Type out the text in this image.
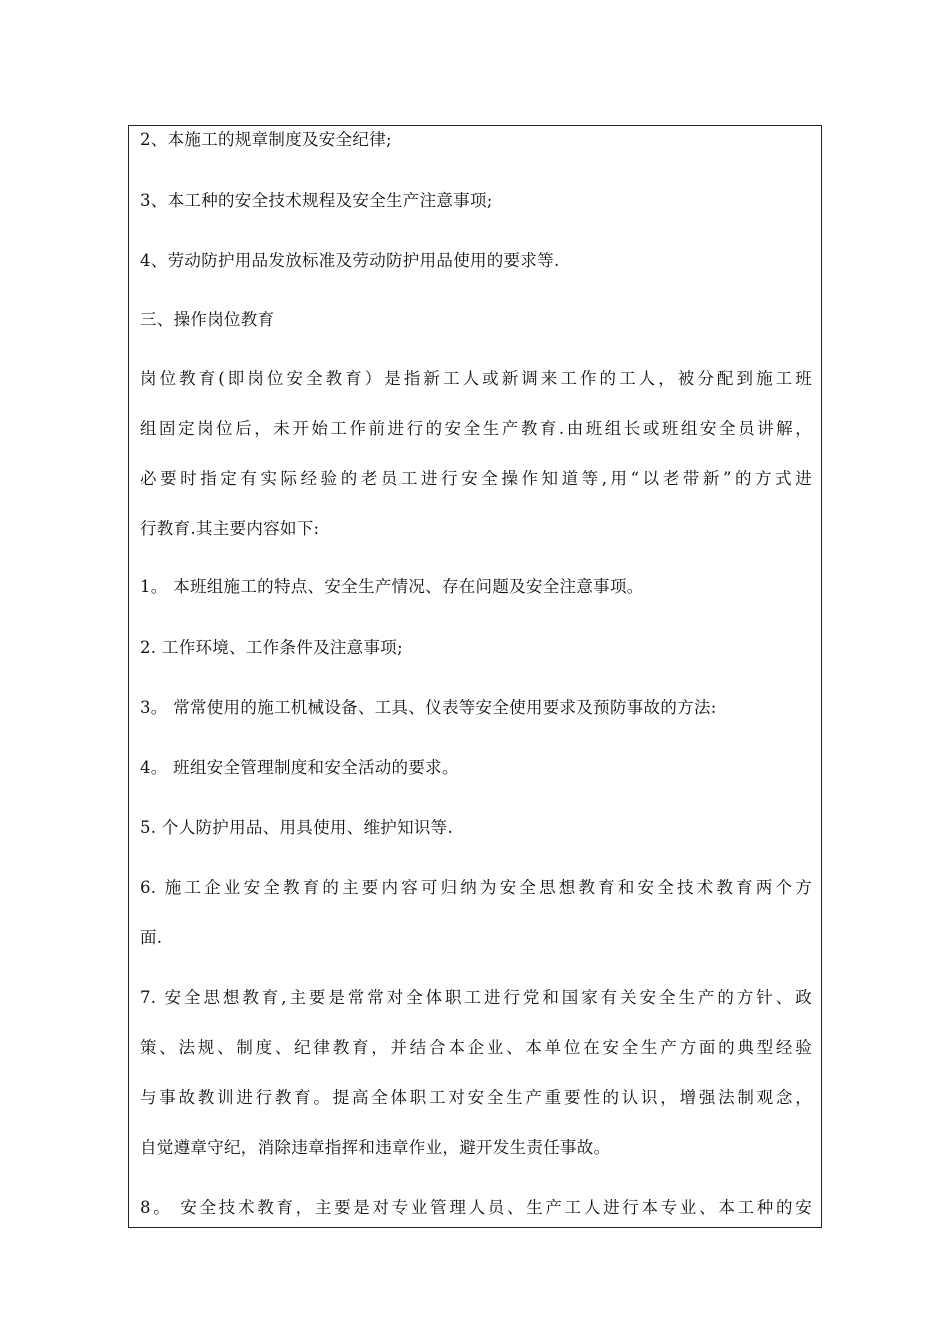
2、本施工的规章制度及安全纪律;
3、本工种的安全技术规程及安全生产注意事项;
4、劳动防护用品发放标准及劳动防护用品使用的要求等.
三、操作岗位教育
岗位教育(即岗位安全教育）是指新工人或新调来工作的工人，被分配到施工班
组固定岗位后，未开始工作前进行的安全生产教育.由班组长或班组安全员讲解，
必要时指定有实际经验的老员工进行安全操作知道等,用“以老带新”的方式进
行教育.其主要内容如下:
1。 本班组施工的特点、安全生产情况、存在问题及安全注意事项。
2. 工作环境、工作条件及注意事项;
3。 常常使用的施工机械设备、工具、仪表等安全使用要求及预防事故的方法:
4。 班组安全管理制度和安全活动的要求。
5. 个人防护用品、用具使用、维护知识等.
6. 施工企业安全教育的主要内容可归纳为安全思想教育和安全技术教育两个方
面.
7. 安全思想教育,主要是常常对全体职工进行党和国家有关安全生产的方针、政
策、法规、制度、纪律教育，并结合本企业、本单位在安全生产方面的典型经验
与事故教训进行教育。提高全体职工对安全生产重要性的认识，增强法制观念，
自觉遵章守纪，消除违章指挥和违章作业，避开发生责任事故。
8。 安全技术教育，主要是对专业管理人员、生产工人进行本专业、本工种的安
